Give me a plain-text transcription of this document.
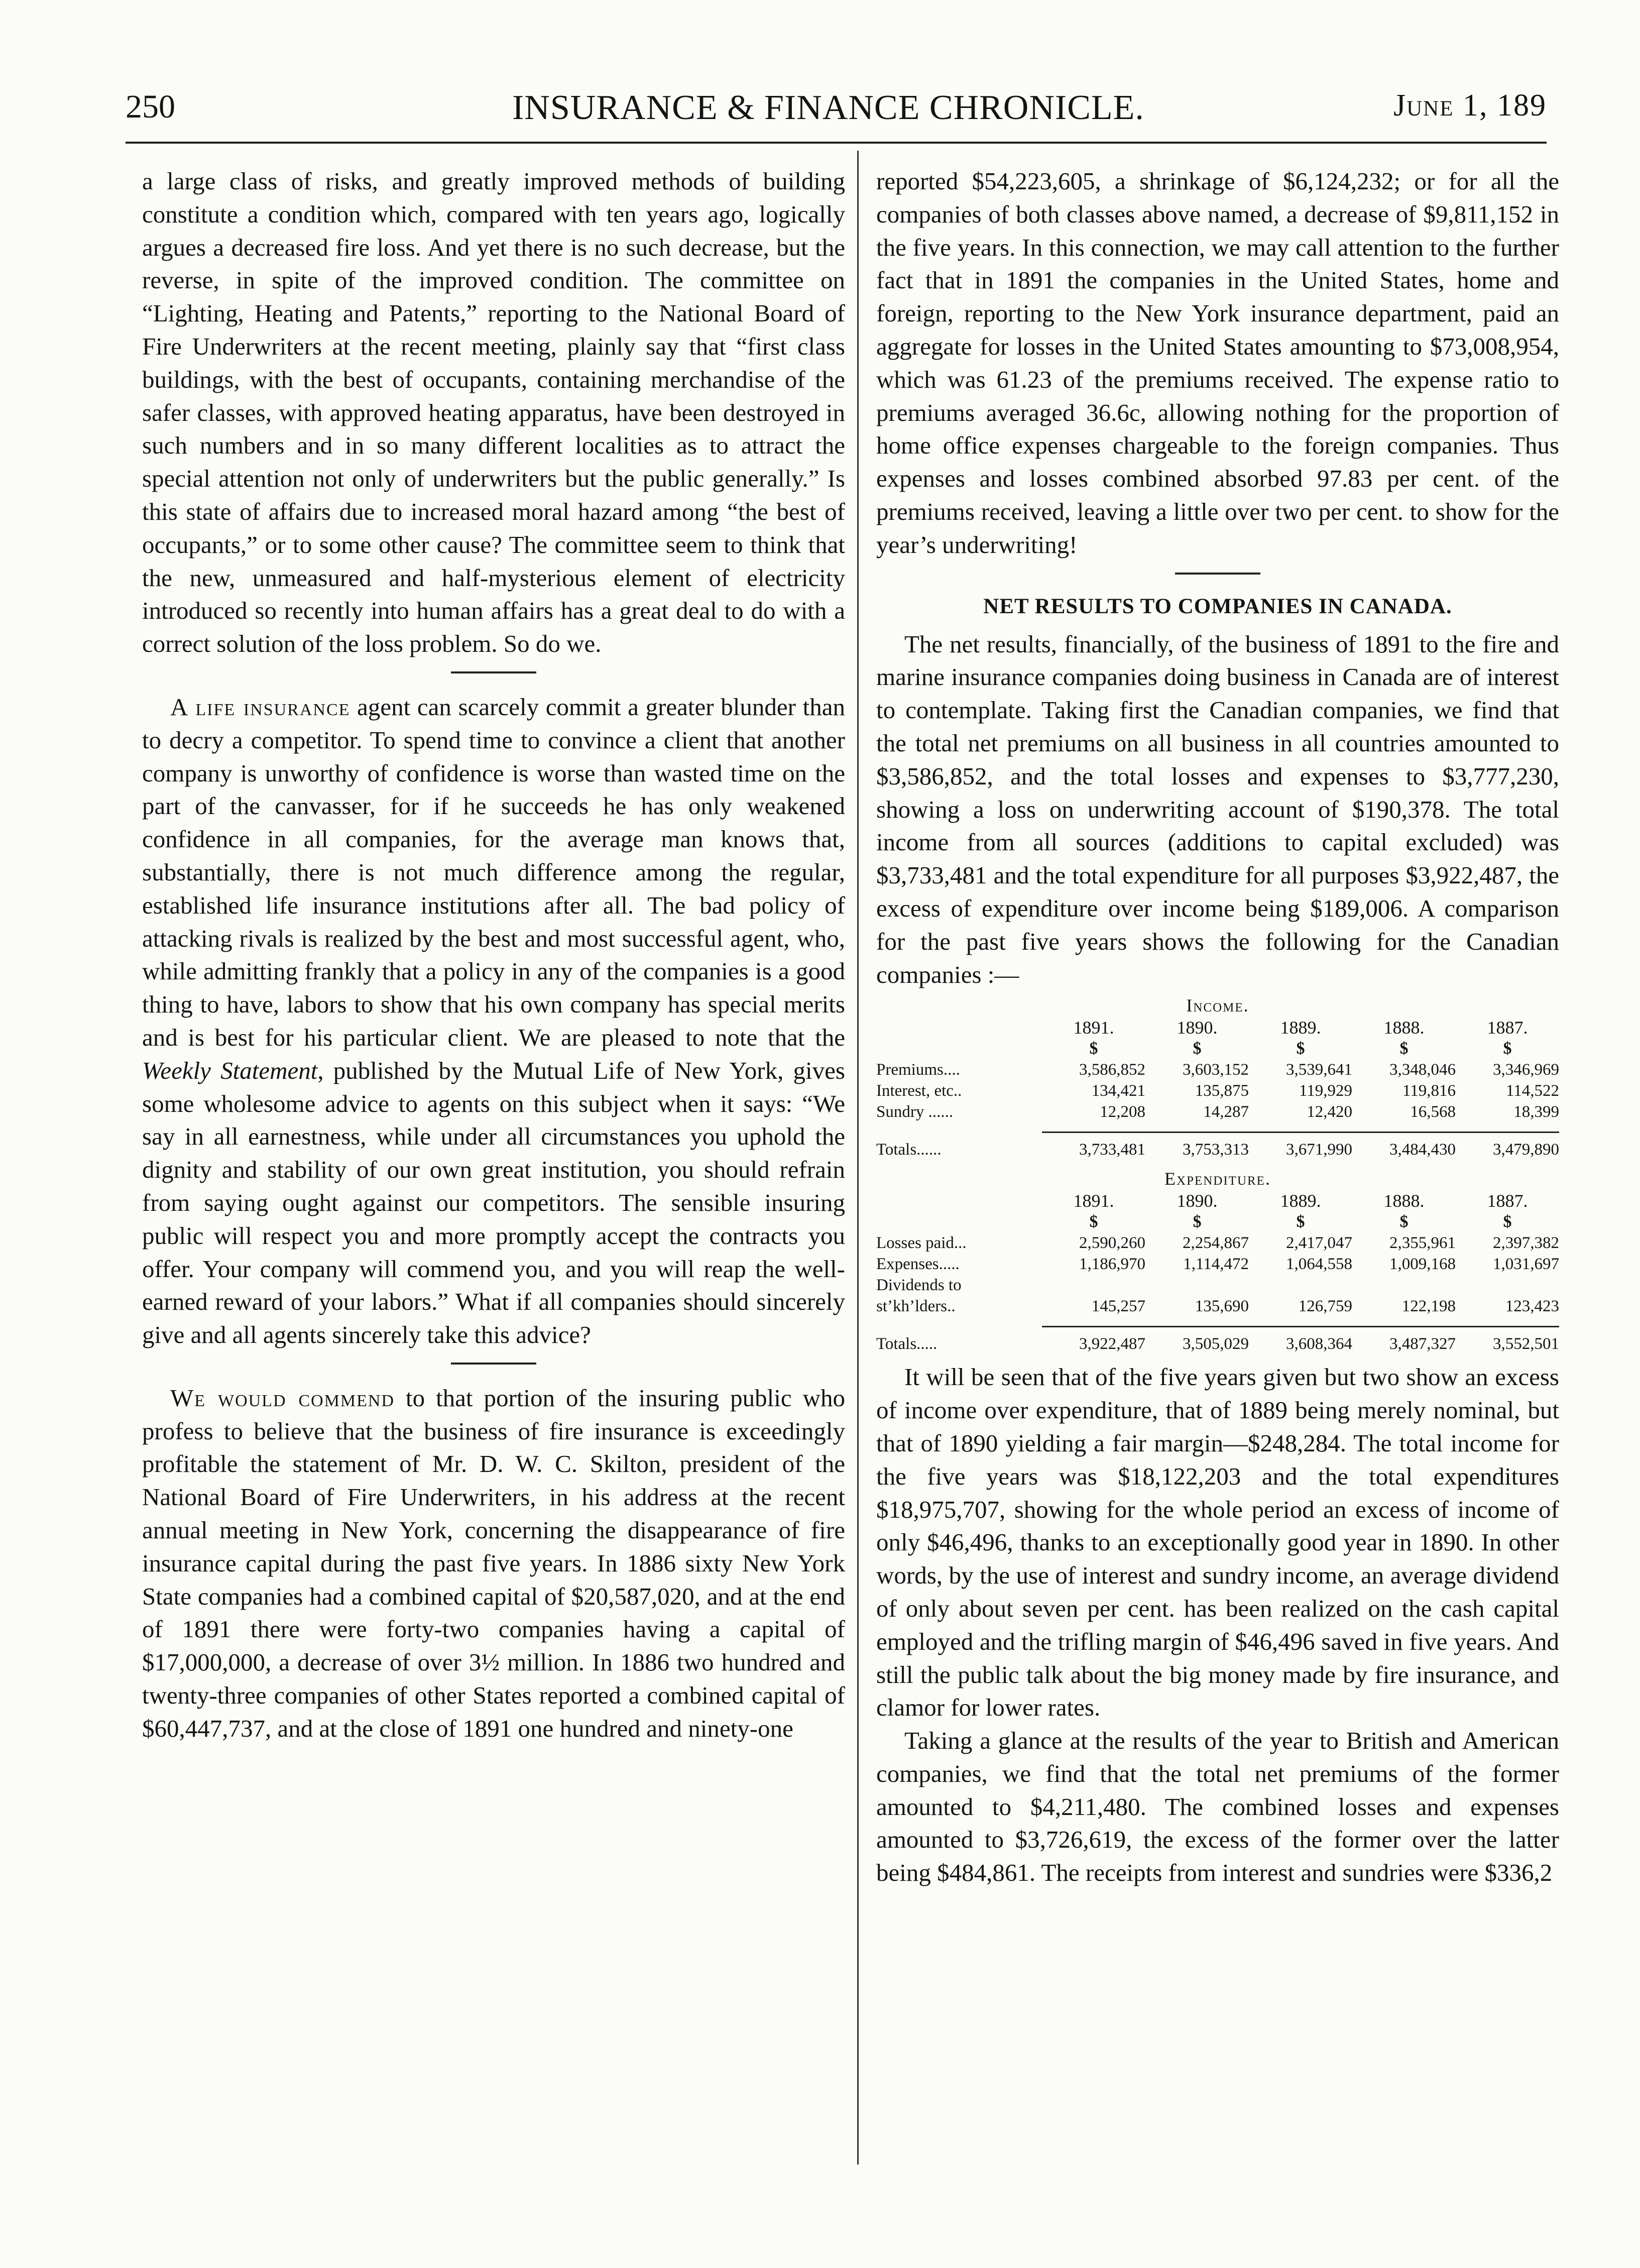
250	INSURANCE & FINANCE CHRONICLE.	June 1, 189

a large class of risks, and greatly improved methods of building constitute a condition which, compared with ten years ago, logically argues a decreased fire loss. And yet there is no such decrease, but the reverse, in spite of the improved condition. The committee on “Lighting, Heating and Patents,” reporting to the National Board of Fire Underwriters at the recent meeting, plainly say that “first class buildings, with the best of occupants, containing merchandise of the safer classes, with approved heating apparatus, have been destroyed in such numbers and in so many different localities as to attract the special attention not only of underwriters but the public generally.” Is this state of affairs due to increased moral hazard among “the best of occupants,” or to some other cause? The committee seem to think that the new, unmeasured and half-mysterious element of electricity introduced so recently into human affairs has a great deal to do with a correct solution of the loss problem. So do we.

A life insurance agent can scarcely commit a greater blunder than to decry a competitor. To spend time to convince a client that another company is unworthy of confidence is worse than wasted time on the part of the canvasser, for if he succeeds he has only weakened confidence in all companies, for the average man knows that, substantially, there is not much difference among the regular, established life insurance institutions after all. The bad policy of attacking rivals is realized by the best and most successful agent, who, while admitting frankly that a policy in any of the companies is a good thing to have, labors to show that his own company has special merits and is best for his particular client. We are pleased to note that the Weekly Statement, published by the Mutual Life of New York, gives some wholesome advice to agents on this subject when it says: “We say in all earnestness, while under all circumstances you uphold the dignity and stability of our own great institution, you should refrain from saying ought against our competitors. The sensible insuring public will respect you and more promptly accept the contracts you offer. Your company will commend you, and you will reap the well-earned reward of your labors.” What if all companies should sincerely give and all agents sincerely take this advice?

We would commend to that portion of the insuring public who profess to believe that the business of fire insurance is exceedingly profitable the statement of Mr. D. W. C. Skilton, president of the National Board of Fire Underwriters, in his address at the recent annual meeting in New York, concerning the disappearance of fire insurance capital during the past five years. In 1886 sixty New York State companies had a combined capital of $20,587,020, and at the end of 1891 there were forty-two companies having a capital of $17,000,000, a decrease of over 3½ million. In 1886 two hundred and twenty-three companies of other States reported a combined capital of $60,447,737, and at the close of 1891 one hundred and ninety-one

reported $54,223,605, a shrinkage of $6,124,232; or for all the companies of both classes above named, a decrease of $9,811,152 in the five years. In this connection, we may call attention to the further fact that in 1891 the companies in the United States, home and foreign, reporting to the New York insurance department, paid an aggregate for losses in the United States amounting to $73,008,954, which was 61.23 of the premiums received. The expense ratio to premiums averaged 36.6c, allowing nothing for the proportion of home office expenses chargeable to the foreign companies. Thus expenses and losses combined absorbed 97.83 per cent. of the premiums received, leaving a little over two per cent. to show for the year’s underwriting!

NET RESULTS TO COMPANIES IN CANADA.

The net results, financially, of the business of 1891 to the fire and marine insurance companies doing business in Canada are of interest to contemplate. Taking first the Canadian companies, we find that the total net premiums on all business in all countries amounted to $3,586,852, and the total losses and expenses to $3,777,230, showing a loss on underwriting account of $190,378. The total income from all sources (additions to capital excluded) was $3,733,481 and the total expenditure for all purposes $3,922,487, the excess of expenditure over income being $189,006. A comparison for the past five years shows the following for the Canadian companies :—

Income.					
	1891.	1890.	1889.	1888.	1887.
	$	$	$	$	$
Premiums....	3,586,852	3,603,152	3,539,641	3,348,046	3,346,969
Interest, etc..	134,421	135,875	119,929	119,816	114,522
Sundry ......	12,208	14,287	12,420	16,568	18,399

Totals......	3,733,481	3,753,313	3,671,990	3,484,430	3,479,890
Expenditure.					
	1891.	1890.	1889.	1888.	1887.
	$	$	$	$	$
Losses paid...	2,590,260	2,254,867	2,417,047	2,355,961	2,397,382
Expenses.....	1,186,970	1,114,472	1,064,558	1,009,168	1,031,697
Dividends to					
st’kh’lders..	145,257	135,690	126,759	122,198	123,423

Totals.....	3,922,487	3,505,029	3,608,364	3,487,327	3,552,501

It will be seen that of the five years given but two show an excess of income over expenditure, that of 1889 being merely nominal, but that of 1890 yielding a fair margin—$248,284. The total income for the five years was $18,122,203 and the total expenditures $18,975,707, showing for the whole period an excess of income of only $46,496, thanks to an exceptionally good year in 1890. In other words, by the use of interest and sundry income, an average dividend of only about seven per cent. has been realized on the cash capital employed and the trifling margin of $46,496 saved in five years. And still the public talk about the big money made by fire insurance, and clamor for lower rates.

Taking a glance at the results of the year to British and American companies, we find that the total net premiums of the former amounted to $4,211,480. The combined losses and expenses amounted to $3,726,619, the excess of the former over the latter being $484,861. The receipts from interest and sundries were $336,2
